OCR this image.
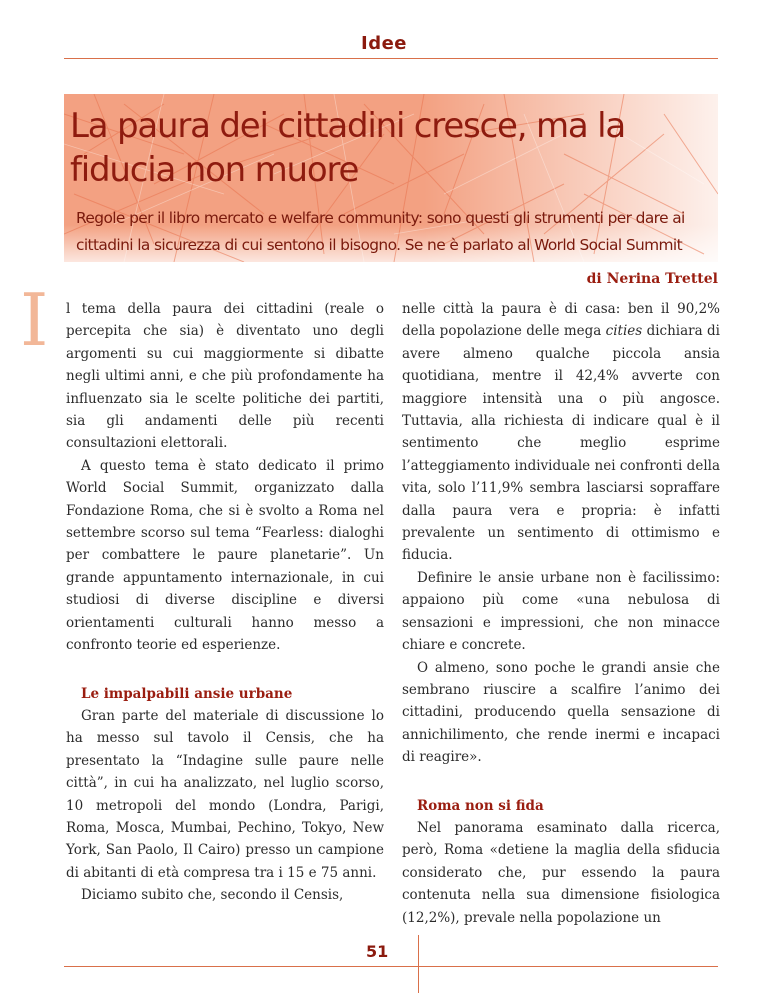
Idee
La paura dei cittadini cresce, ma la fiducia non muore

Regole per il libro mercato e welfare community: sono questi gli strumenti per dare ai cittadini la sicurezza di cui sentono il bisogno. Se ne è parlato al World Social Summit

di Nerina Trettel
I l tema della paura dei cittadini (reale o percepita che sia) è diventato uno degli argomenti su cui maggiormente si dibatte negli ultimi anni, e che più profondamente ha influenzato sia le scelte politiche dei partiti, sia gli andamenti delle più recenti consultazioni elettorali.

A questo tema è stato dedicato il primo World Social Summit, organizzato dalla Fondazione Roma, che si è svolto a Roma nel settembre scorso sul tema “Fearless: dialoghi per combattere le paure planetarie”. Un grande appuntamento internazionale, in cui studiosi di diverse discipline e diversi orientamenti culturali hanno messo a confronto teorie ed esperienze.

Le impalpabili ansie urbane

Gran parte del materiale di discussione lo ha messo sul tavolo il Censis, che ha presentato la “Indagine sulle paure nelle città”, in cui ha analizzato, nel luglio scorso, 10 metropoli del mondo (Londra, Parigi, Roma, Mosca, Mumbai, Pechino, Tokyo, New York, San Paolo, Il Cairo) presso un campione di abitanti di età compresa tra i 15 e 75 anni.

Diciamo subito che, secondo il Censis,

nelle città la paura è di casa: ben il 90,2% della popolazione delle mega cities dichiara di avere almeno qualche piccola ansia quotidiana, mentre il 42,4% avverte con maggiore intensità una o più angosce. Tuttavia, alla richiesta di indicare qual è il sentimento che meglio esprime l’atteggiamento individuale nei confronti della vita, solo l’11,9% sembra lasciarsi sopraffare dalla paura vera e propria: è infatti prevalente un sentimento di ottimismo e fiducia.

Definire le ansie urbane non è facilissimo: appaiono più come «una nebulosa di sensazioni e impressioni, che non minacce chiare e concrete.

O almeno, sono poche le grandi ansie che sembrano riuscire a scalfire l’animo dei cittadini, producendo quella sensazione di annichilimento, che rende inermi e incapaci di reagire».

Roma non si fida

Nel panorama esaminato dalla ricerca, però, Roma «detiene la maglia della sfiducia considerato che, pur essendo la paura contenuta nella sua dimensione fisiologica (12,2%), prevale nella popolazione un

51
